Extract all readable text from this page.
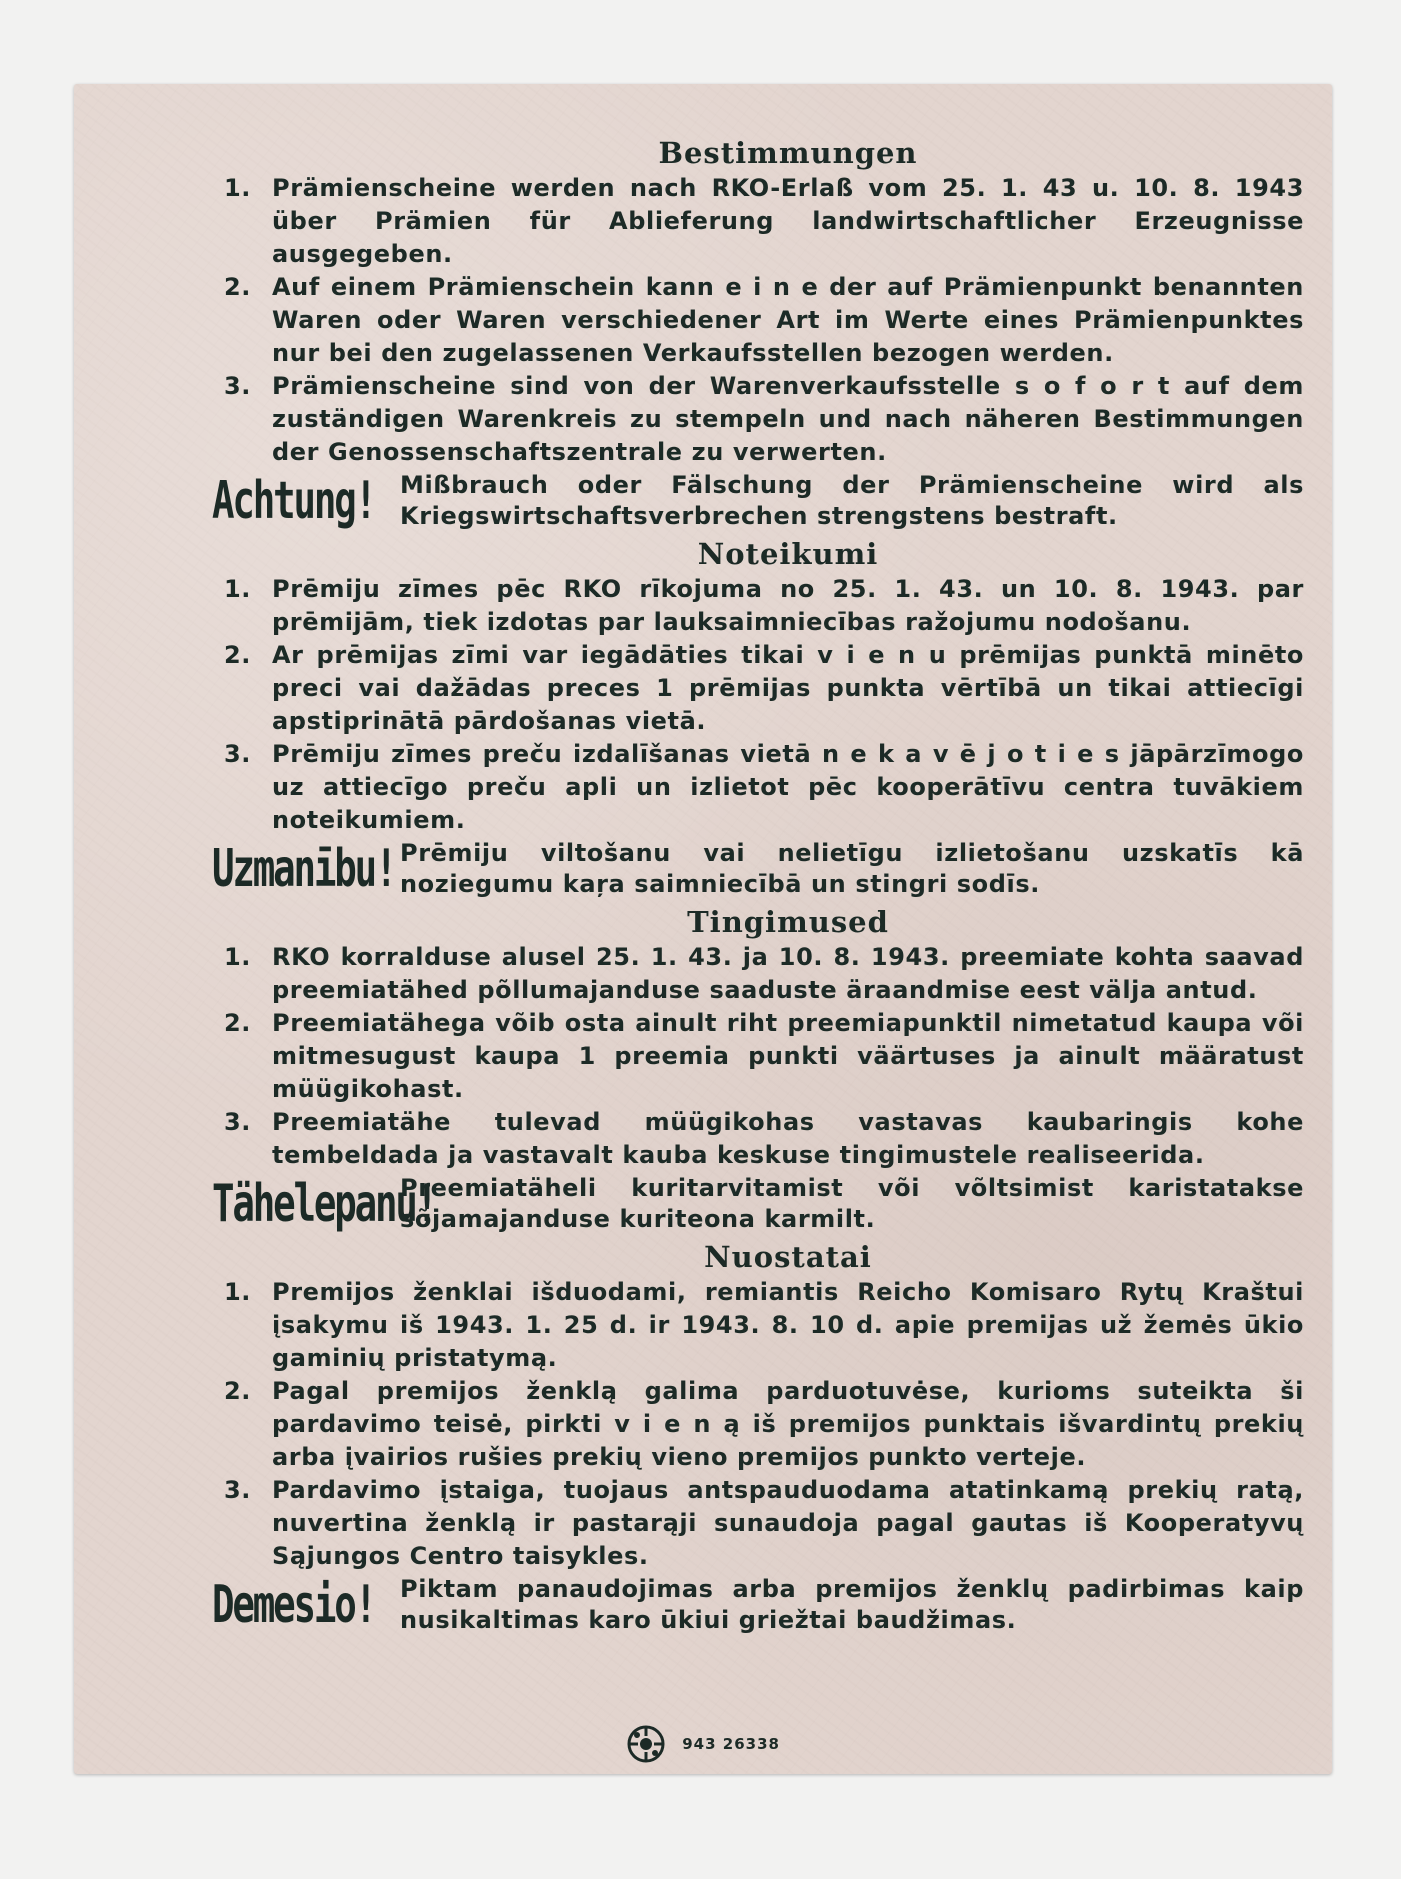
Bestimmungen
1. Prämienscheine werden nach RKO-Erlaß vom 25. 1. 43 u. 10. 8. 1943 über Prämien für Ablieferung landwirtschaftlicher Erzeugnisse ausgegeben.
2. Auf einem Prämienschein kann e i n e der auf Prämienpunkt benannten Waren oder Waren verschiedener Art im Werte eines Prämienpunktes nur bei den zugelassenen Verkaufsstellen bezogen werden.
3. Prämienscheine sind von der Warenverkaufsstelle s o f o r t auf dem zuständigen Warenkreis zu stempeln und nach näheren Bestimmungen der Genossenschaftszentrale zu verwerten.
Achtung! Mißbrauch oder Fälschung der Prämienscheine wird als Kriegswirtschaftsverbrechen strengstens bestraft.
Noteikumi
1. Prēmiju zīmes pēc RKO rīkojuma no 25. 1. 43. un 10. 8. 1943. par prēmijām, tiek izdotas par lauksaimniecības ražojumu nodošanu.
2. Ar prēmijas zīmi var iegādāties tikai v i e n u prēmijas punktā minēto preci vai dažādas preces 1 prēmijas punkta vērtībā un tikai attiecīgi apstiprinātā pārdošanas vietā.
3. Prēmiju zīmes preču izdalīšanas vietā n e k a v ē j o t i e s jāpārzīmogo uz attiecīgo preču apli un izlietot pēc kooperātīvu centra tuvākiem noteikumiem.
Uzmanību! Prēmiju viltošanu vai nelietīgu izlietošanu uzskatīs kā noziegumu kaŗa saimniecībā un stingri sodīs.
Tingimused
1. RKO korralduse alusel 25. 1. 43. ja 10. 8. 1943. preemiate kohta saavad preemiatähed põllumajanduse saaduste äraandmise eest välja antud.
2. Preemiatähega võib osta ainult riht preemiapunktil nimetatud kaupa või mitmesugust kaupa 1 preemia punkti väärtuses ja ainult määratust müügikohast.
3. Preemiatähe tulevad müügikohas vastavas kaubaringis kohe tembeldada ja vastavalt kauba keskuse tingimustele realiseerida.
Tähelepanu!
Preemiatäheli kuritarvitamist või võltsimist karistatakse sõjamajanduse kuriteona karmilt.
Nuostatai
1. Premijos ženklai išduodami, remiantis Reicho Komisaro Rytų Kraštui įsakymu iš 1943. 1. 25 d. ir 1943. 8. 10 d. apie premijas už žemės ūkio gaminių pristatymą.
2. Pagal premijos ženklą galima parduotuvėse, kurioms suteikta ši pardavimo teisė, pirkti v i e n ą iš premijos punktais išvardintų prekių arba įvairios rušies prekių vieno premijos punkto verteje.
3. Pardavimo įstaiga, tuojaus antspauduodama atatinkamą prekių ratą, nuvertina ženklą ir pastarąji sunaudoja pagal gautas iš Kooperatyvų Sąjungos Centro taisykles.
Demesio! Piktam panaudojimas arba premijos ženklų padirbimas kaip nusikaltimas karo ūkiui griežtai baudžimas.
943 26338
